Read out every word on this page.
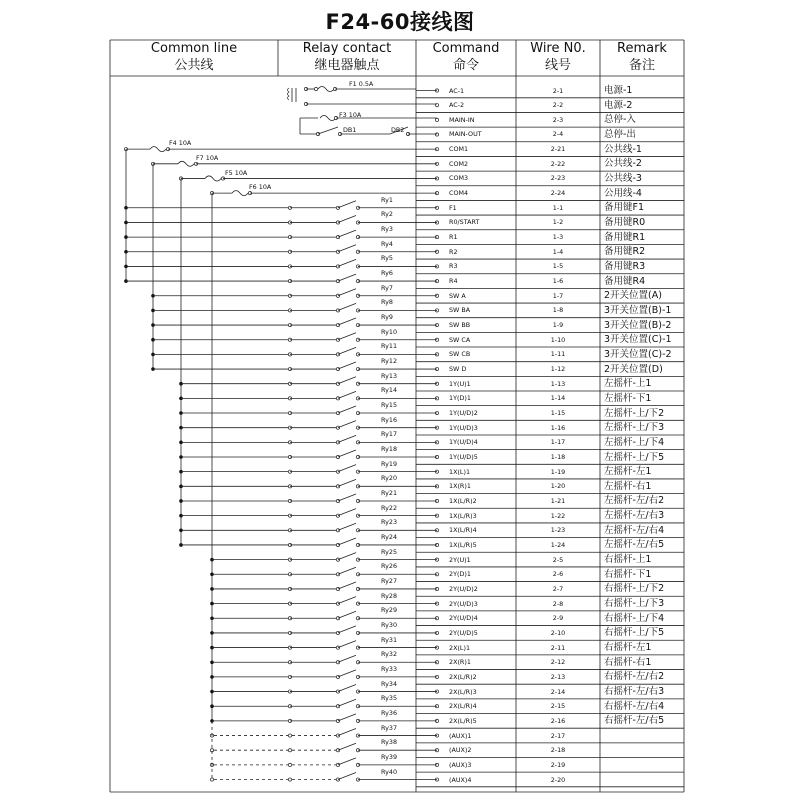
F24-60接线图
Common line
公共线
Relay contact
继电器触点
Command
命令
Wire N0.
线号
Remark
备注
F1 0.5A
F3 10A
F4 10A
F7 10A
F5 10A
F6 10A
DB1	DB2
AC-1	2-1	电源-1
AC-2	2-2	电源-2
MAIN-IN	2-3	总停-入
MAIN-OUT	2-4	总停-出
COM1	2-21	公共线-1
COM2	2-22	公共线-2
COM3	2-23	公共线-3
COM4	2-24	公用线-4
F1	1-1	备用键F1
Ry1
R0/START	1-2	备用键R0
Ry2
R1	1-3	备用键R1
Ry3
R2	1-4	备用键R2
Ry4
R3	1-5	备用键R3
Ry5
R4	1-6	备用键R4
Ry6
SW A	1-7	2开关位置(A)
Ry7
SW BA	1-8	3开关位置(B)-1
Ry8
SW BB	1-9	3开关位置(B)-2
Ry9
SW CA	1-10	3开关位置(C)-1
Ry10
SW CB	1-11	3开关位置(C)-2
Ry11
SW D	1-12	2开关位置(D)
Ry12
1Y(U)1	1-13	左摇杆-上1
Ry13
1Y(D)1	1-14	左摇杆-下1
Ry14
1Y(U/D)2	1-15	左摇杆-上/下2
Ry15
1Y(U/D)3	1-16	左摇杆-上/下3
Ry16
1Y(U/D)4	1-17	左摇杆-上/下4
Ry17
1Y(U/D)5	1-18	左摇杆-上/下5
Ry18
1X(L)1	1-19	左摇杆-左1
Ry19
1X(R)1	1-20	左摇杆-右1
Ry20
1X(L/R)2	1-21	左摇杆-左/右2
Ry21
1X(L/R)3	1-22	左摇杆-左/右3
Ry22
1X(L/R)4	1-23	左摇杆-左/右4
Ry23
1X(L/R)5	1-24	左摇杆-左/右5
Ry24
2Y(U)1	2-5	右摇杆-上1
Ry25
2Y(D)1	2-6	右摇杆-下1
Ry26
2Y(U/D)2	2-7	右摇杆-上/下2
Ry27
2Y(U/D)3	2-8	右摇杆-上/下3
Ry28
2Y(U/D)4	2-9	右摇杆-上/下4
Ry29
2Y(U/D)5	2-10	右摇杆-上/下5
Ry30
2X(L)1	2-11	右摇杆-左1
Ry31
2X(R)1	2-12	右摇杆-右1
Ry32
2X(L/R)2	2-13	右摇杆-左/右2
Ry33
2X(L/R)3	2-14	右摇杆-左/右3
Ry34
2X(L/R)4	2-15	右摇杆-左/右4
Ry35
2X(L/R)5	2-16	右摇杆-左/右5
Ry36
(AUX)1	2-17
Ry37
(AUX)2	2-18
Ry38
(AUX)3	2-19
Ry39
(AUX)4	2-20
Ry40
